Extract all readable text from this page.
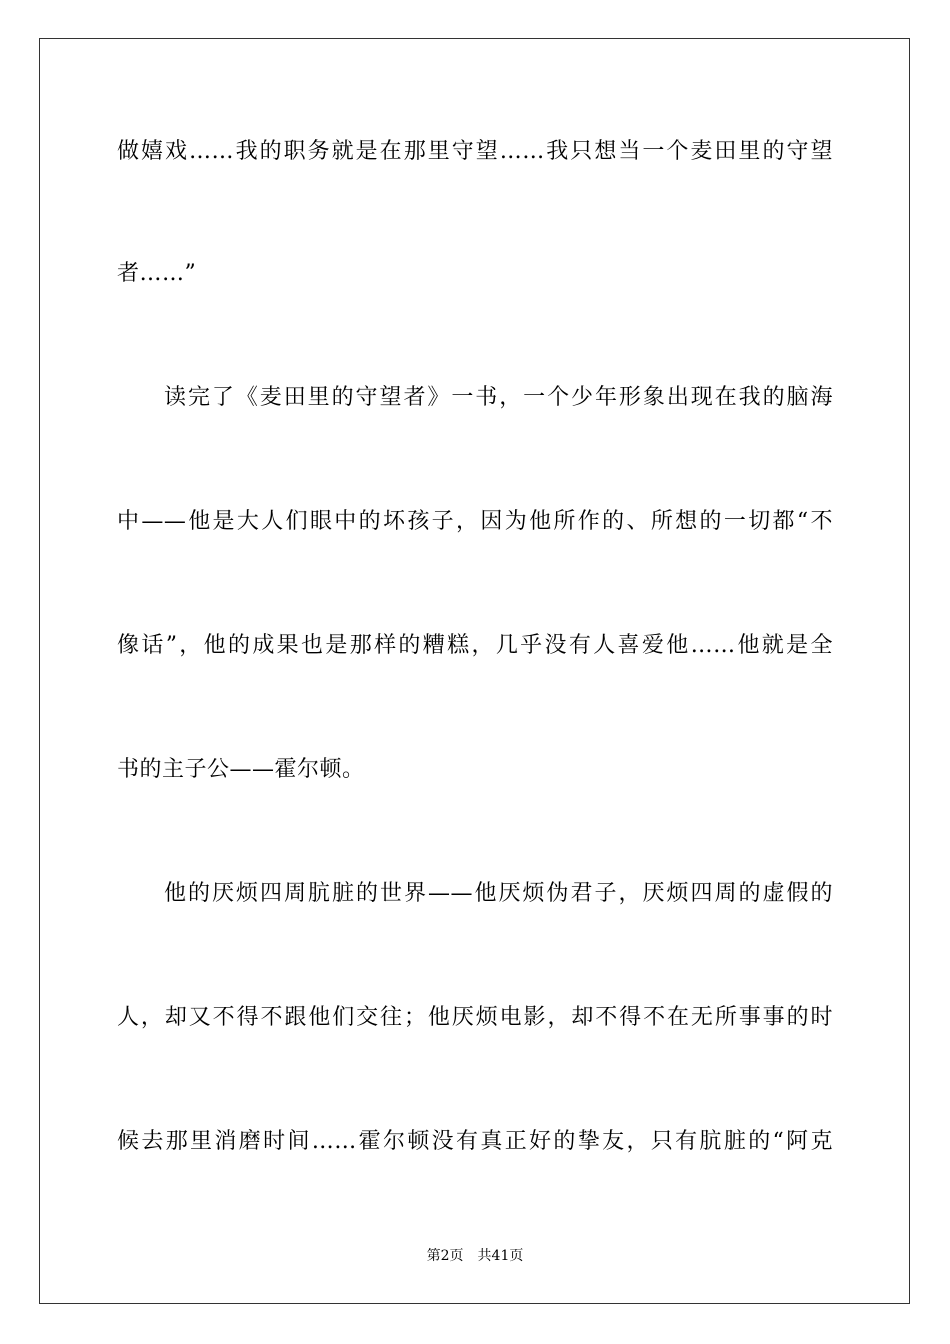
做嬉戏……我的职务就是在那里守望……我只想当一个麦田里的守望
者……”
读完了《麦田里的守望者》一书，一个少年形象出现在我的脑海
中——他是大人们眼中的坏孩子，因为他所作的、所想的一切都“不
像话”，他的成果也是那样的糟糕，几乎没有人喜爱他……他就是全
书的主子公——霍尔顿。
他的厌烦四周肮脏的世界——他厌烦伪君子，厌烦四周的虚假的
人，却又不得不跟他们交往；他厌烦电影，却不得不在无所事事的时
候去那里消磨时间……霍尔顿没有真正好的挚友，只有肮脏的“阿克
第2页　共41页
